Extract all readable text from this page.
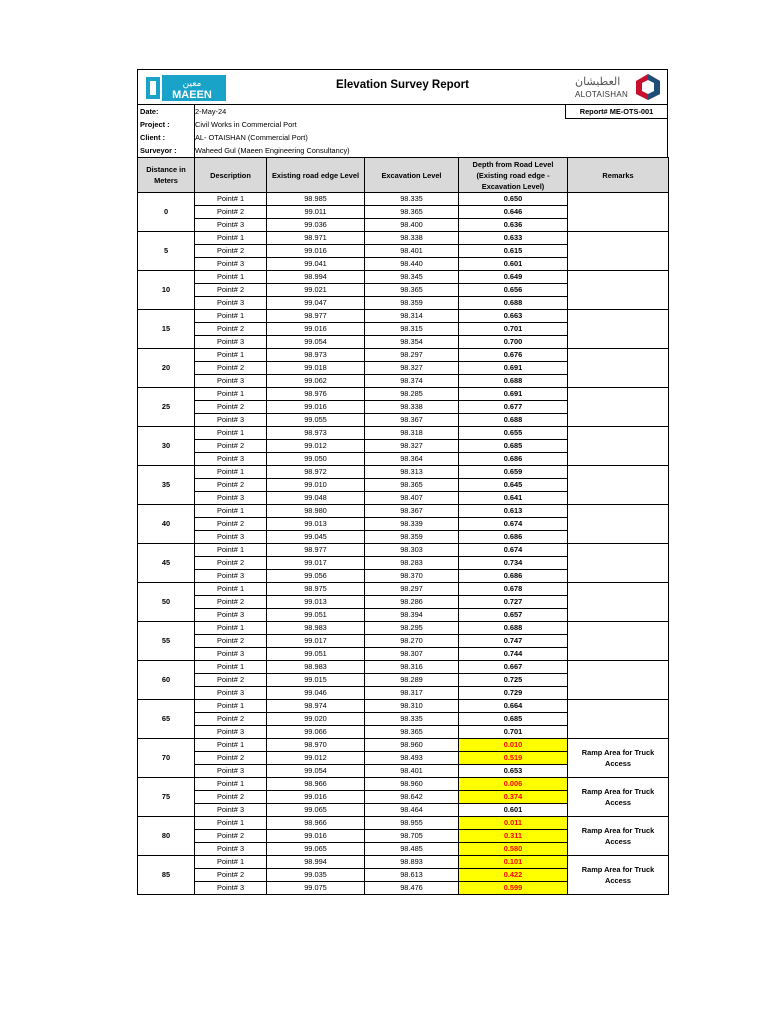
معين
MAEEN
Elevation Survey Report	العطيشان
ALOTAISHAN
Report# ME-OTS-001
Date:	2-May-24
Project :	Civil Works in Commercial Port
Client :	AL- OTAISHAN (Commercial Port)
Surveyor :	Waheed Gul (Maeen Engineering Consultancy)
Distance in Meters	Description	Existing road edge Level	Excavation Level	Depth from Road Level (Existing road edge - Excavation Level)	Remarks
0	Point# 1	98.985	98.335	0.650	
	Point# 2	99.011	98.365	0.646	
	Point# 3	99.036	98.400	0.636	
5	Point# 1	98.971	98.338	0.633	
	Point# 2	99.016	98.401	0.615	
	Point# 3	99.041	98.440	0.601	
10	Point# 1	98.994	98.345	0.649	
	Point# 2	99.021	98.365	0.656	
	Point# 3	99.047	98.359	0.688	
15	Point# 1	98.977	98.314	0.663	
	Point# 2	99.016	98.315	0.701	
	Point# 3	99.054	98.354	0.700	
20	Point# 1	98.973	98.297	0.676	
	Point# 2	99.018	98.327	0.691	
	Point# 3	99.062	98.374	0.688	
25	Point# 1	98.976	98.285	0.691	
	Point# 2	99.016	98.338	0.677	
	Point# 3	99.055	98.367	0.688	
30	Point# 1	98.973	98.318	0.655	
	Point# 2	99.012	98.327	0.685	
	Point# 3	99.050	98.364	0.686	
35	Point# 1	98.972	98.313	0.659	
	Point# 2	99.010	98.365	0.645	
	Point# 3	99.048	98.407	0.641	
40	Point# 1	98.980	98.367	0.613	
	Point# 2	99.013	98.339	0.674	
	Point# 3	99.045	98.359	0.686	
45	Point# 1	98.977	98.303	0.674	
	Point# 2	99.017	98.283	0.734	
	Point# 3	99.056	98.370	0.686	
50	Point# 1	98.975	98.297	0.678	
	Point# 2	99.013	98.286	0.727	
	Point# 3	99.051	98.394	0.657	
55	Point# 1	98.983	98.295	0.688	
	Point# 2	99.017	98.270	0.747	
	Point# 3	99.051	98.307	0.744	
60	Point# 1	98.983	98.316	0.667	
	Point# 2	99.015	98.289	0.725	
	Point# 3	99.046	98.317	0.729	
65	Point# 1	98.974	98.310	0.664	
	Point# 2	99.020	98.335	0.685	
	Point# 3	99.066	98.365	0.701	
70	Point# 1	98.970	98.960	0.010	Ramp Area for Truck Access
	Point# 2	99.012	98.493	0.519	
	Point# 3	99.054	98.401	0.653	
75	Point# 1	98.966	98.960	0.006	Ramp Area for Truck Access
	Point# 2	99.016	98.642	0.374	
	Point# 3	99.065	98.464	0.601	
80	Point# 1	98.966	98.955	0.011	Ramp Area for Truck Access
	Point# 2	99.016	98.705	0.311	
	Point# 3	99.065	98.485	0.580	
85	Point# 1	98.994	98.893	0.101	Ramp Area for Truck Access
	Point# 2	99.035	98.613	0.422	
	Point# 3	99.075	98.476	0.599	
